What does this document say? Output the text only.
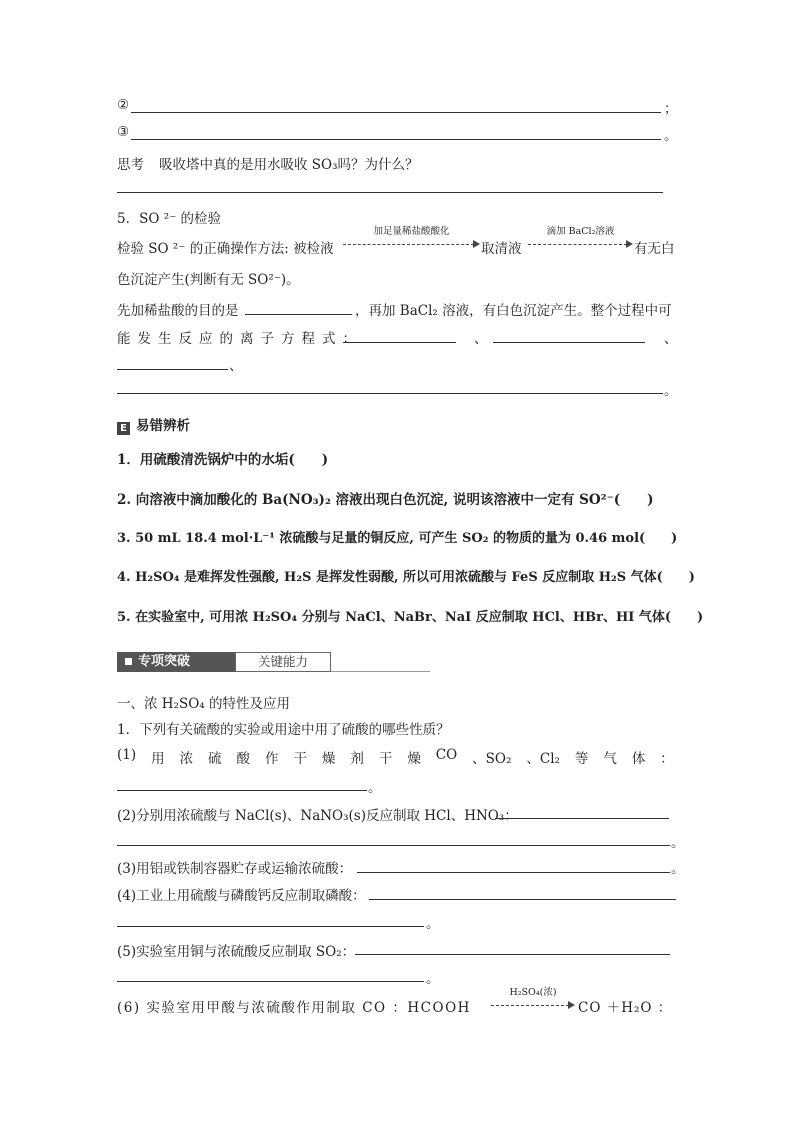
②	；
③	。
思考 吸收塔中真的是用水吸收 SO₃吗？为什么？
5．SO ²⁻ 的检验
检验 SO ²⁻ 的正确操作方法: 被检液
加足量稀盐酸酸化
取清液
滴加 BaCl₂溶液
有无白
色沉淀产生(判断有无 SO²⁻)。
先加稀盐酸的目的是	，再加 BaCl₂ 溶液，有白色沉淀产生。整个过程中可
能发生反应的离子方程式：	、	、
、
。
E 易错辨析
1．用硫酸清洗锅炉中的水垢(　　)
2. 向溶液中滴加酸化的 Ba(NO₃)₂ 溶液出现白色沉淀, 说明该溶液中一定有 SO²⁻(　　)
3. 50 mL 18.4 mol·L⁻¹ 浓硫酸与足量的铜反应, 可产生 SO₂ 的物质的量为 0.46 mol(　　)
4. H₂SO₄ 是难挥发性强酸, H₂S 是挥发性弱酸, 所以可用浓硫酸与 FeS 反应制取 H₂S 气体(　　)
5. 在实验室中, 可用浓 H₂SO₄ 分别与 NaCl、NaBr、NaI 反应制取 HCl、HBr、HI 气体(　　)
专项突破	关键能力
一、浓 H₂SO₄ 的特性及应用
1．下列有关硫酸的实验或用途中用了硫酸的哪些性质？
(1) 用 浓 硫 酸 作 干 燥 剂 干 燥 CO 、SO₂ 、Cl₂ 等 气 体 ：
。
(2)分别用浓硫酸与 NaCl(s)、NaNO₃(s)反应制取 HCl、HNO₃：
。
(3)用铝或铁制容器贮存或运输浓硫酸：	。
(4)工业上用硫酸与磷酸钙反应制取磷酸：
。
(5)实验室用铜与浓硫酸反应制取 SO₂：
。
(6) 实验室用甲酸与浓硫酸作用制取 CO ：HCOOH
H₂SO₄(浓)
CO ＋H₂O ：
